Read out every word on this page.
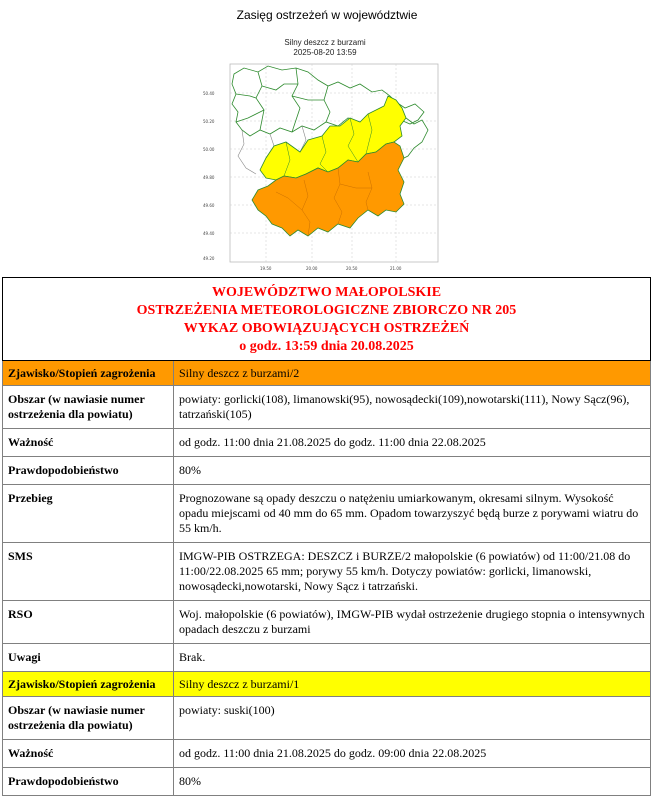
Zasięg ostrzeżeń w województwie
Silny deszcz z burzami
2025-08-20 13:59
50.40
50.20
50.00
49.80
49.60
49.40
49.20
19.50	20.00	20.50	21.00
WOJEWÓDZTWO MAŁOPOLSKIE
OSTRZEŻENIA METEOROLOGICZNE ZBIORCZO NR 205
WYKAZ OBOWIĄZUJĄCYCH OSTRZEŻEŃ
o godz. 13:59 dnia 20.08.2025	

Zjawisko/Stopień zagrożenia	Silny deszcz z burzami/2
Obszar (w nawiasie numer ostrzeżenia dla powiatu)	powiaty: gorlicki(108), limanowski(95), nowosądecki(109),nowotarski(111), Nowy Sącz(96), tatrzański(105)
Ważność	od godz. 11:00 dnia 21.08.2025 do godz. 11:00 dnia 22.08.2025
Prawdopodobieństwo	80%
Przebieg	Prognozowane są opady deszczu o natężeniu umiarkowanym, okresami silnym. Wysokość opadu miejscami od 40 mm do 65 mm. Opadom towarzyszyć będą burze z porywami wiatru do 55 km/h.
SMS	IMGW-PIB OSTRZEGA: DESZCZ i BURZE/2 małopolskie (6 powiatów) od 11:00/21.08 do 11:00/22.08.2025 65 mm; porywy 55 km/h. Dotyczy powiatów: gorlicki, limanowski, nowosądecki,nowotarski, Nowy Sącz i tatrzański.
RSO	Woj. małopolskie (6 powiatów), IMGW-PIB wydał ostrzeżenie drugiego stopnia o intensywnych opadach deszczu z burzami
Uwagi	Brak.
Zjawisko/Stopień zagrożenia	Silny deszcz z burzami/1
Obszar (w nawiasie numer ostrzeżenia dla powiatu)	powiaty: suski(100)
Ważność	od godz. 11:00 dnia 21.08.2025 do godz. 09:00 dnia 22.08.2025
Prawdopodobieństwo	80%
